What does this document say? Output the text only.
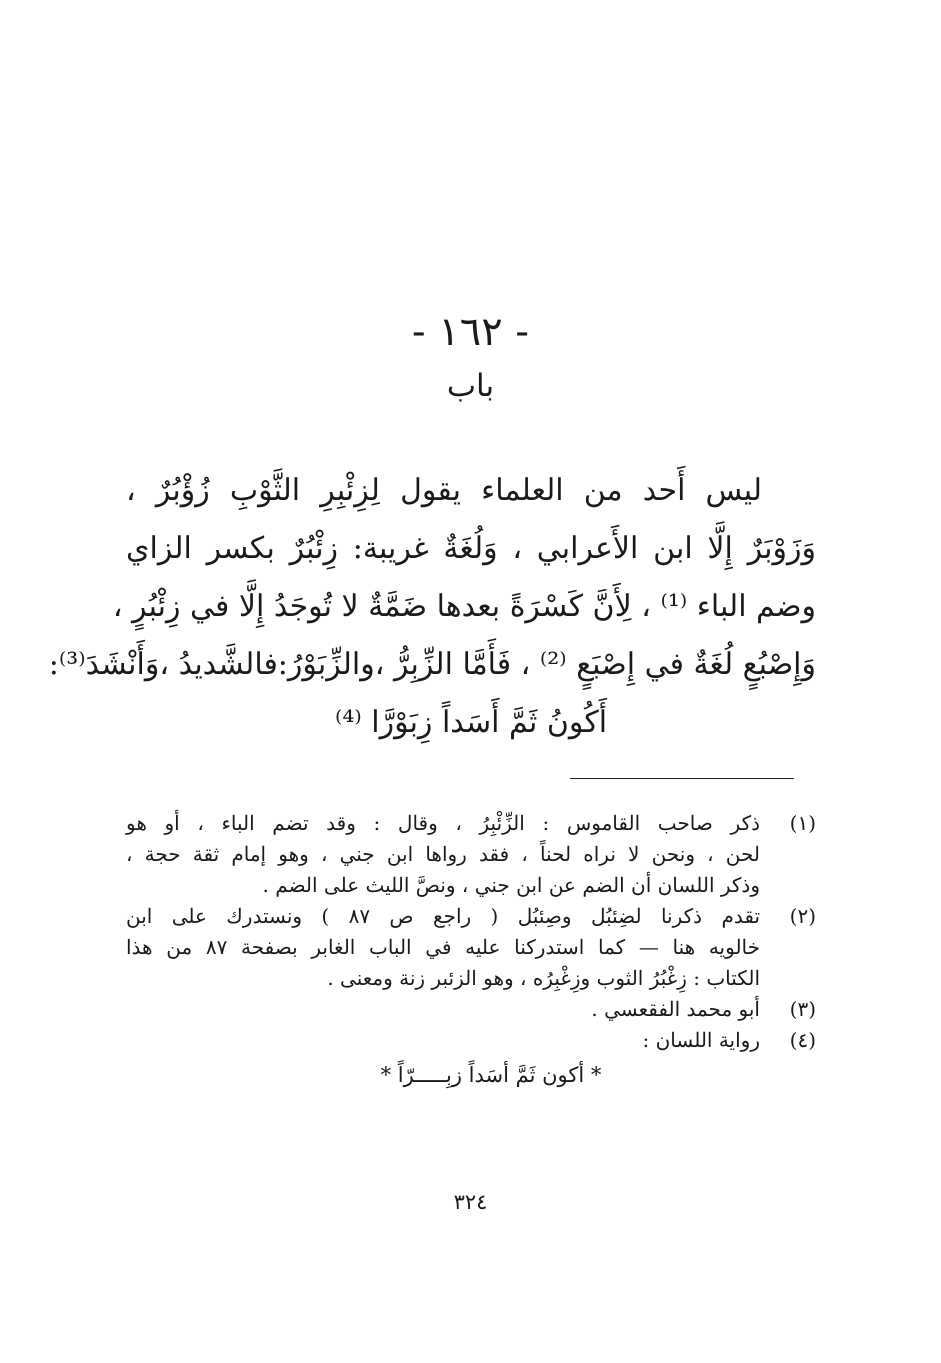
- ١٦٢ -
باب
ليس أَحد من العلماء يقول لِزِئْبِرِ الثَّوْبِ زُؤْبُرٌ ،
وَزَوْبَرٌ إِلَّا ابن الأَعرابي ، وَلُغَةٌ غريبة: زِئْبُرٌ بكسر الزاي
وضم الباء ⁽¹⁾ ، لِأَنَّ كَسْرَةً بعدها ضَمَّةٌ لا تُوجَدُ إِلَّا في زِئْبُرٍ ،
وَإِصْبُعٍ لُغَةٌ في إِصْبَعٍ ⁽²⁾ ، فَأَمَّا الزِّبِرُّ ،والزِّبَوْرُ:فالشَّديدُ ،وَأَنْشَدَ⁽³⁾:
أَكُونُ ثَمَّ أَسَداً زِبَوْرَّا ⁽⁴⁾
(١)
ذكر صاحب القاموس : الزِّئْبِرُ ، وقال : وقد تضم الباء ، أو هو
لحن ، ونحن لا نراه لحناً ، فقد رواها ابن جني ، وهو إمام ثقة حجة ،
وذكر اللسان أن الضم عن ابن جني ، ونصَّ الليث على الضم .
(٢)
تقدم ذكرنا لضِئبُل وصِئبُل ( راجع ص ٨٧ ) ونستدرك على ابن
خالويه هنا — كما استدركنا عليه في الباب الغابر بصفحة ٨٧ من هذا
الكتاب : زِغْبُرُ الثوب وزِغْبِرُه ، وهو الزئبر زنة ومعنى .
(٣)
أبو محمد الفقعسي .
(٤)
رواية اللسان :
* أكون ثَمَّ أسَداً زبِـــــرّاً *
٣٢٤
